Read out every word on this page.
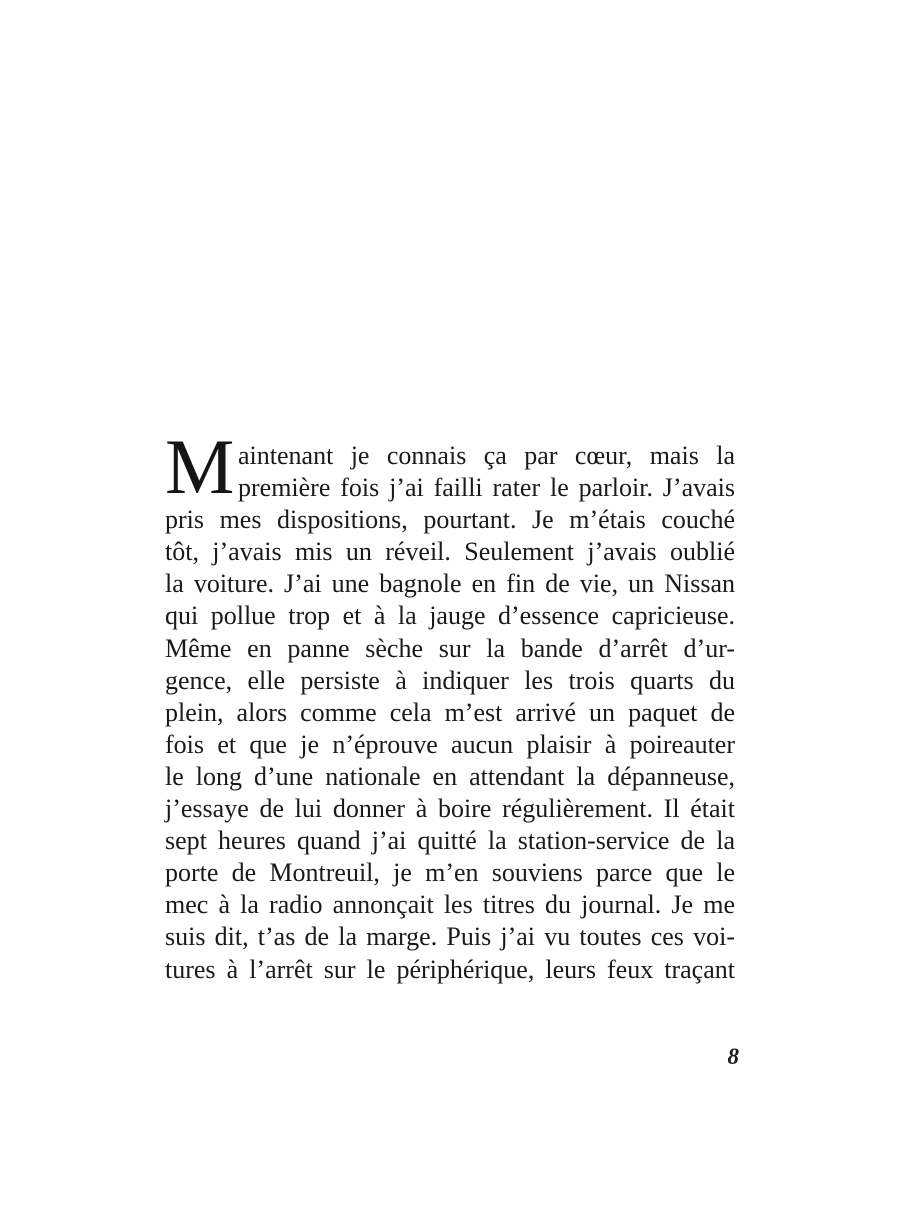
M aintenant je connais ça par cœur, mais la
première fois j’ai failli rater le parloir. J’avais
pris mes dispositions, pourtant. Je m’étais couché
tôt, j’avais mis un réveil. Seulement j’avais oublié
la voiture. J’ai une bagnole en fin de vie, un Nissan
qui pollue trop et à la jauge d’essence capricieuse.
Même en panne sèche sur la bande d’arrêt d’ur-
gence, elle persiste à indiquer les trois quarts du
plein, alors comme cela m’est arrivé un paquet de
fois et que je n’éprouve aucun plaisir à poireauter
le long d’une nationale en attendant la dépanneuse,
j’essaye de lui donner à boire régulièrement. Il était
sept heures quand j’ai quitté la station-service de la
porte de Montreuil, je m’en souviens parce que le
mec à la radio annonçait les titres du journal. Je me
suis dit, t’as de la marge. Puis j’ai vu toutes ces voi-
tures à l’arrêt sur le périphérique, leurs feux traçant
8
